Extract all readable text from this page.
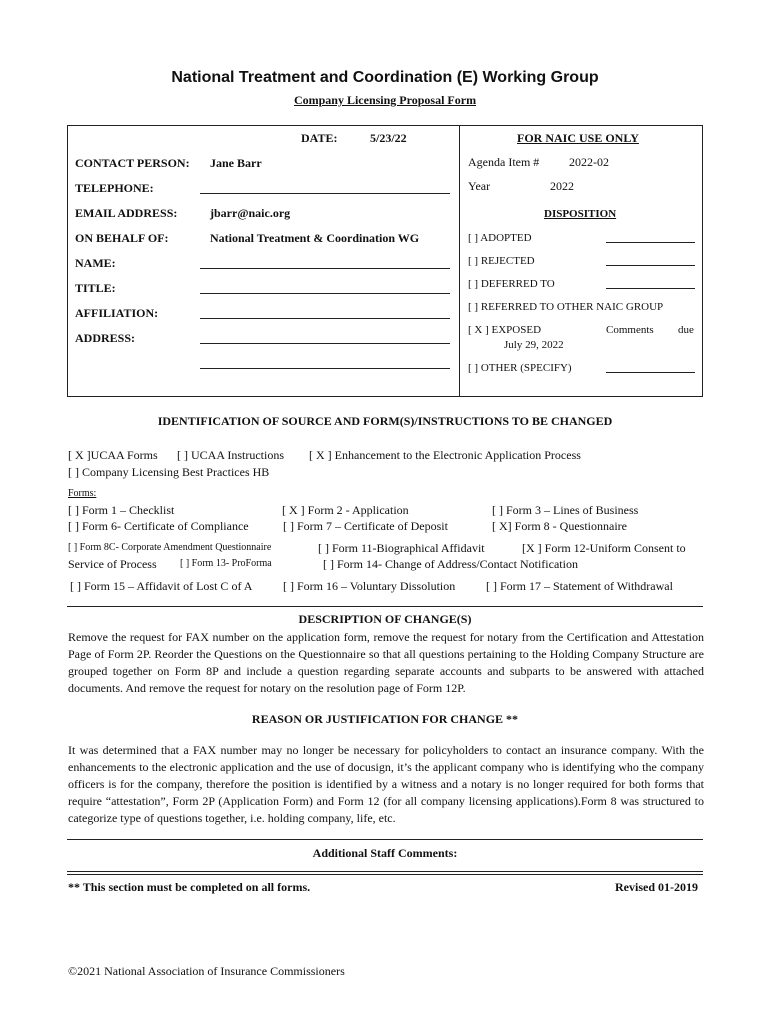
National Treatment and Coordination (E) Working Group
Company Licensing Proposal Form
DATE:	5/23/22
CONTACT PERSON: Jane Barr
TELEPHONE:
EMAIL ADDRESS:	jbarr@naic.org
ON BEHALF OF:	National Treatment & Coordination WG
NAME:
TITLE:
AFFILIATION:
ADDRESS:
FOR NAIC USE ONLY
Agenda Item # 2022-02
Year	2022
DISPOSITION
[ ] ADOPTED
[ ] REJECTED
[ ] DEFERRED TO
[ ] REFERRED TO OTHER NAIC GROUP
[ X ] EXPOSED	Comments due
July 29, 2022
[ ] OTHER (SPECIFY)
IDENTIFICATION OF SOURCE AND FORM(S)/INSTRUCTIONS TO BE CHANGED
[ X ]UCAA Forms [ ] UCAA Instructions [ X ] Enhancement to the Electronic Application Process
[ ] Company Licensing Best Practices HB
Forms:
[ ] Form 1 – Checklist	[ X ] Form 2 - Application	[ ] Form 3 – Lines of Business
[ ] Form 6- Certificate of Compliance	[ ] Form 7 – Certificate of Deposit	[ X] Form 8 - Questionnaire
[ ] Form 8C- Corporate Amendment Questionnaire	[ ] Form 11-Biographical Affidavit	[X ] Form 12-Uniform Consent to
Service of Process [ ] Form 13- ProForma	[ ] Form 14- Change of Address/Contact Notification
[ ] Form 15 – Affidavit of Lost C of A	[ ] Form 16 – Voluntary Dissolution	[ ] Form 17 – Statement of Withdrawal
DESCRIPTION OF CHANGE(S)
Remove the request for FAX number on the application form, remove the request for notary from the Certification and Attestation Page of Form 2P. Reorder the Questions on the Questionnaire so that all questions pertaining to the Holding Company Structure are grouped together on Form 8P and include a question regarding separate accounts and subparts to be answered with attached documents. And remove the request for notary on the resolution page of Form 12P.
REASON OR JUSTIFICATION FOR CHANGE **
It was determined that a FAX number may no longer be necessary for policyholders to contact an insurance company. With the enhancements to the electronic application and the use of docusign, it’s the applicant company who is identifying who the company officers is for the company, therefore the position is identified by a witness and a notary is no longer required for both forms that require “attestation”, Form 2P (Application Form) and Form 12 (for all company licensing applications).Form 8 was structured to categorize type of questions together, i.e. holding company, life, etc.
Additional Staff Comments:
** This section must be completed on all forms.	Revised 01-2019
©2021 National Association of Insurance Commissioners
